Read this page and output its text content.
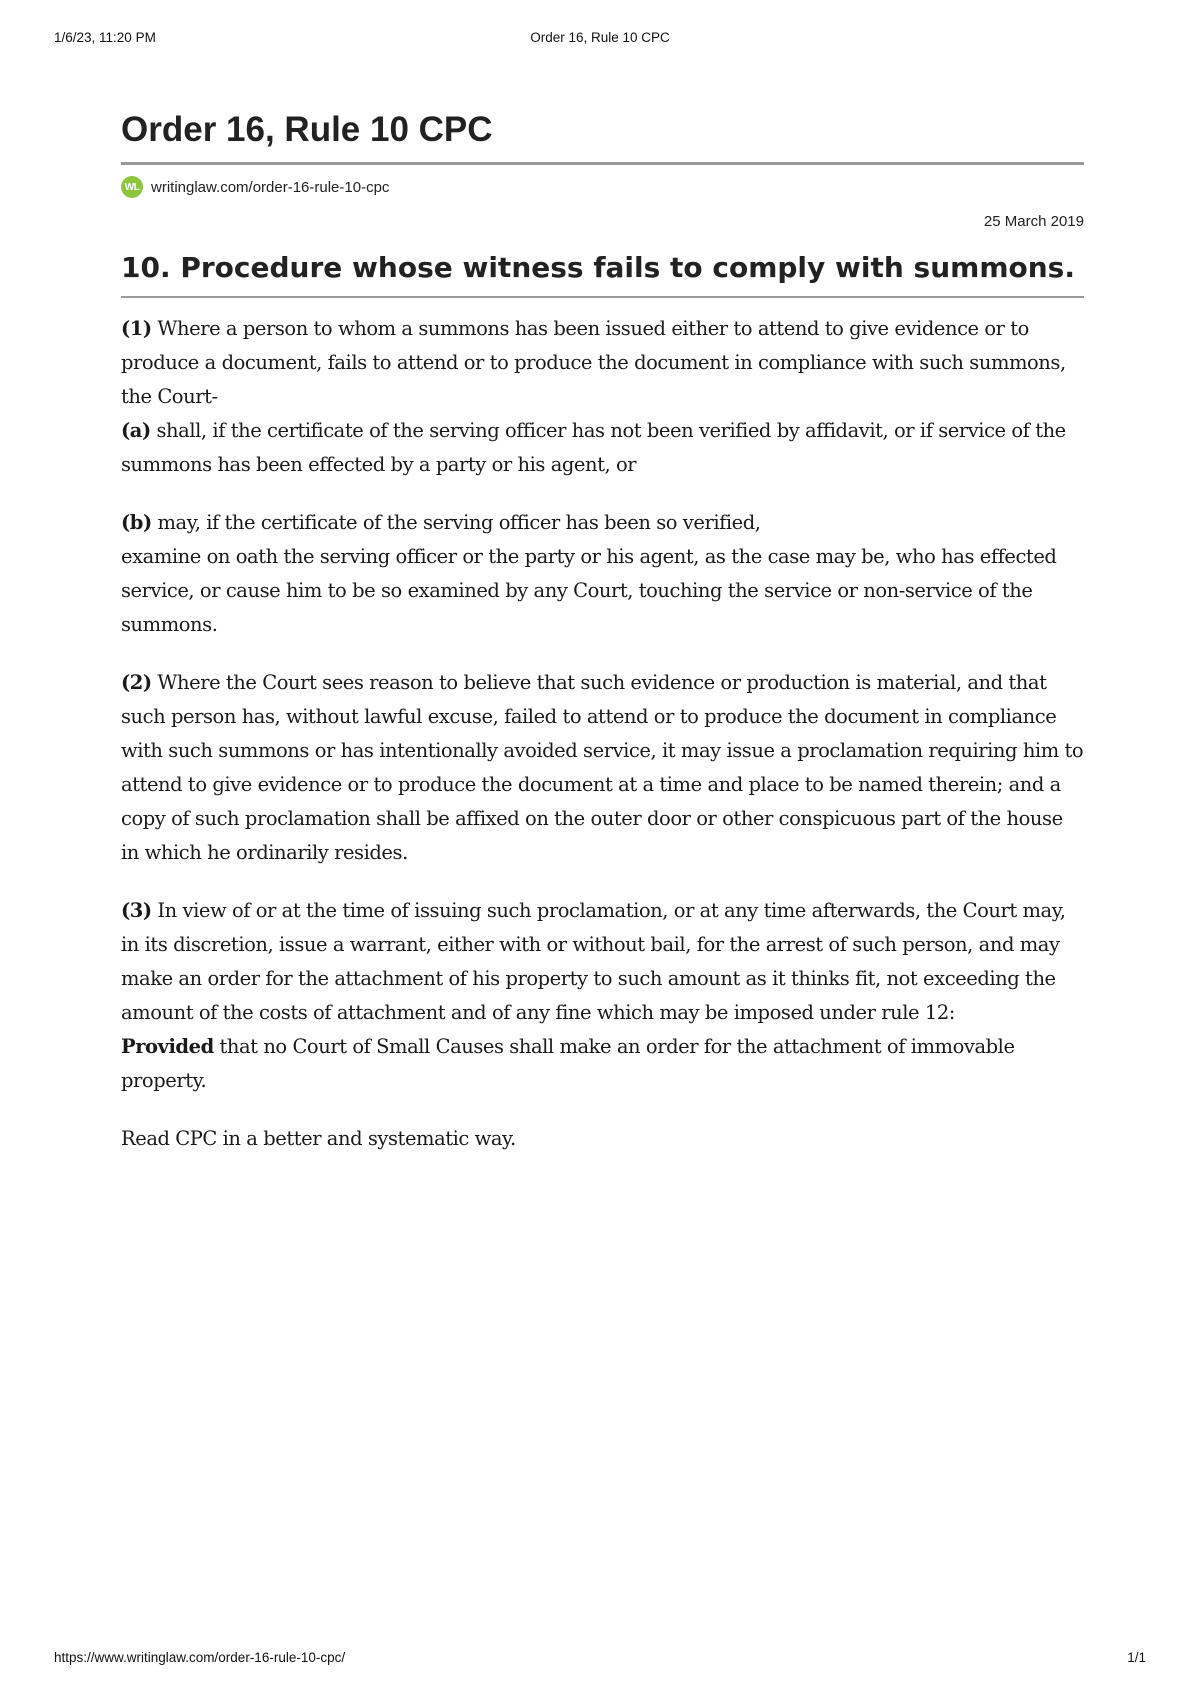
1/6/23, 11:20 PM	Order 16, Rule 10 CPC
Order 16, Rule 10 CPC
WL writinglaw.com/order-16-rule-10-cpc
25 March 2019
10. Procedure whose witness fails to comply with summons.

(1) Where a person to whom a summons has been issued either to attend to give evidence or to produce a document, fails to attend or to produce the document in compliance with such summons, the Court-

(a) shall, if the certificate of the serving officer has not been verified by affidavit, or if service of the summons has been effected by a party or his agent, or

(b) may, if the certificate of the serving officer has been so verified,

examine on oath the serving officer or the party or his agent, as the case may be, who has effected service, or cause him to be so examined by any Court, touching the service or non-service of the summons.

(2) Where the Court sees reason to believe that such evidence or production is material, and that such person has, without lawful excuse, failed to attend or to produce the document in compliance with such summons or has intentionally avoided service, it may issue a proclamation requiring him to attend to give evidence or to produce the document at a time and place to be named therein; and a copy of such proclamation shall be affixed on the outer door or other conspicuous part of the house in which he ordinarily resides.

(3) In view of or at the time of issuing such proclamation, or at any time afterwards, the Court may, in its discretion, issue a warrant, either with or without bail, for the arrest of such person, and may make an order for the attachment of his property to such amount as it thinks fit, not exceeding the amount of the costs of attachment and of any fine which may be imposed under rule 12:

Provided that no Court of Small Causes shall make an order for the attachment of immovable property.

Read CPC in a better and systematic way.

https://www.writinglaw.com/order-16-rule-10-cpc/	1/1
